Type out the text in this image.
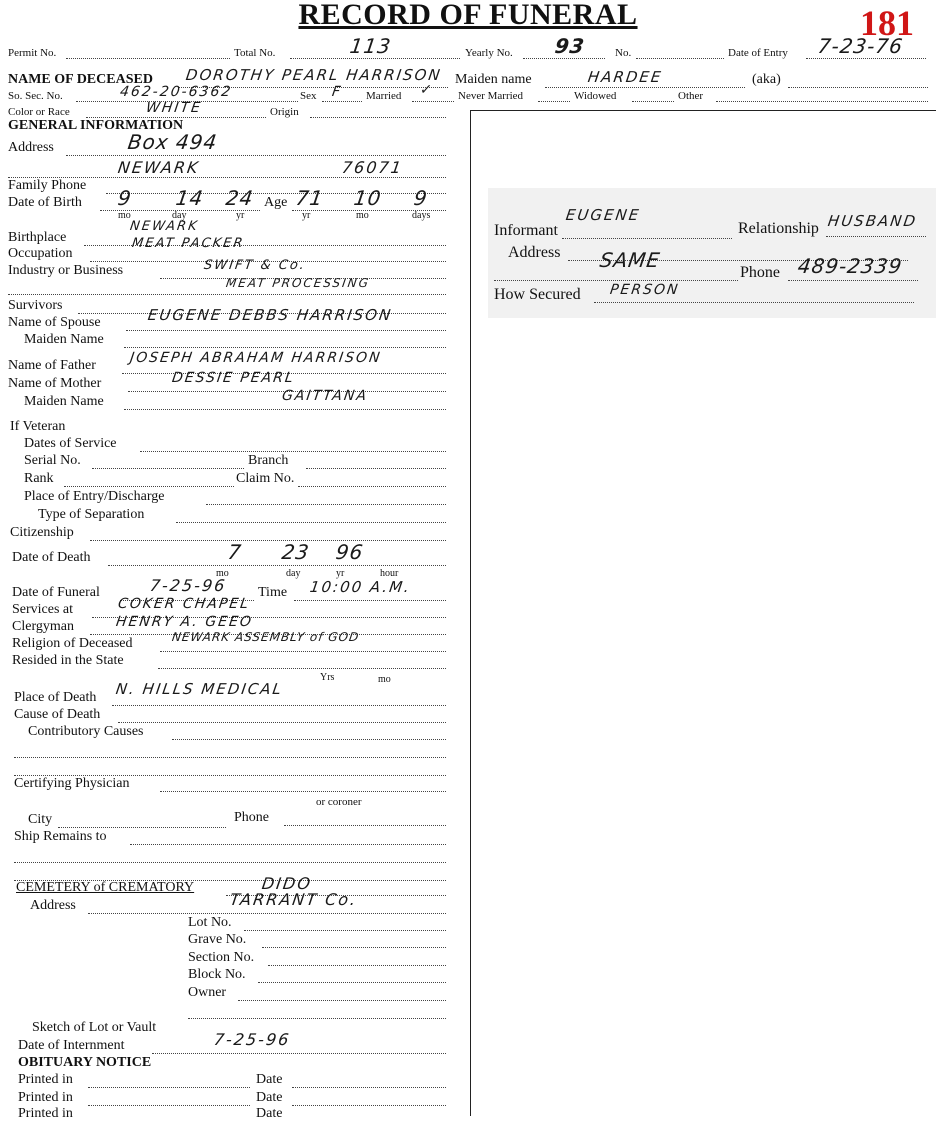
RECORD OF FUNERAL	181
Permit No.	Total No.	113	Yearly No. 93	No.	Date of Entry 7-23-76
NAME OF DECEASED DOROTHY PEARL HARRISON Maiden name	HARDEE	(aka)
So. Sec. No.	462-20-6362	Sex F Married ✓ Never Married	Widowed	Other
Color or Race	WHITE	Origin
GENERAL INFORMATION
Address	Box 494
NEWARK	76071
Family Phone
Date of Birth 9 14 24 Age 71 10 9
mo	day	yr	yr	mo	days
Birthplace
NEWARK
Occupation
MEAT PACKER
Industry or Business	SWIFT & Co.
MEAT PROCESSING
Survivors
Name of Spouse	EUGENE DEBBS HARRISON
Maiden Name
Name of Father JOSEPH ABRAHAM HARRISON
Name of Mother	DESSIE PEARL
Maiden Name	GAITTANA
If Veteran
Dates of Service
Serial No.	Branch
Rank	Claim No.
Place of Entry/Discharge
Type of Separation
Citizenship
Date of Death	7 23 96
mo	day	yr	hour
Date of Funeral	7-25-96 Time 10:00 A.M.
Services at	COKER CHAPEL
Clergyman	HENRY A. GEEO
Religion of Deceased	NEWARK ASSEMBLY of GOD
Resided in the State
Yrs	mo
Place of Death N. HILLS MEDICAL
Cause of Death
Contributory Causes
Certifying Physician
or coroner
City	Phone
Ship Remains to
CEMETERY of CREMATORY	DIDO
Address	TARRANT Co.
Lot No.
Grave No.
Section No.
Block No.
Owner
Sketch of Lot or Vault
Date of Internment	7-25-96
OBITUARY NOTICE
Printed in	Date
Printed in	Date
Printed in	Date
Informant
EUGENE
Relationship HUSBAND
Address SAME
Phone 489-2339
How Secured PERSON
